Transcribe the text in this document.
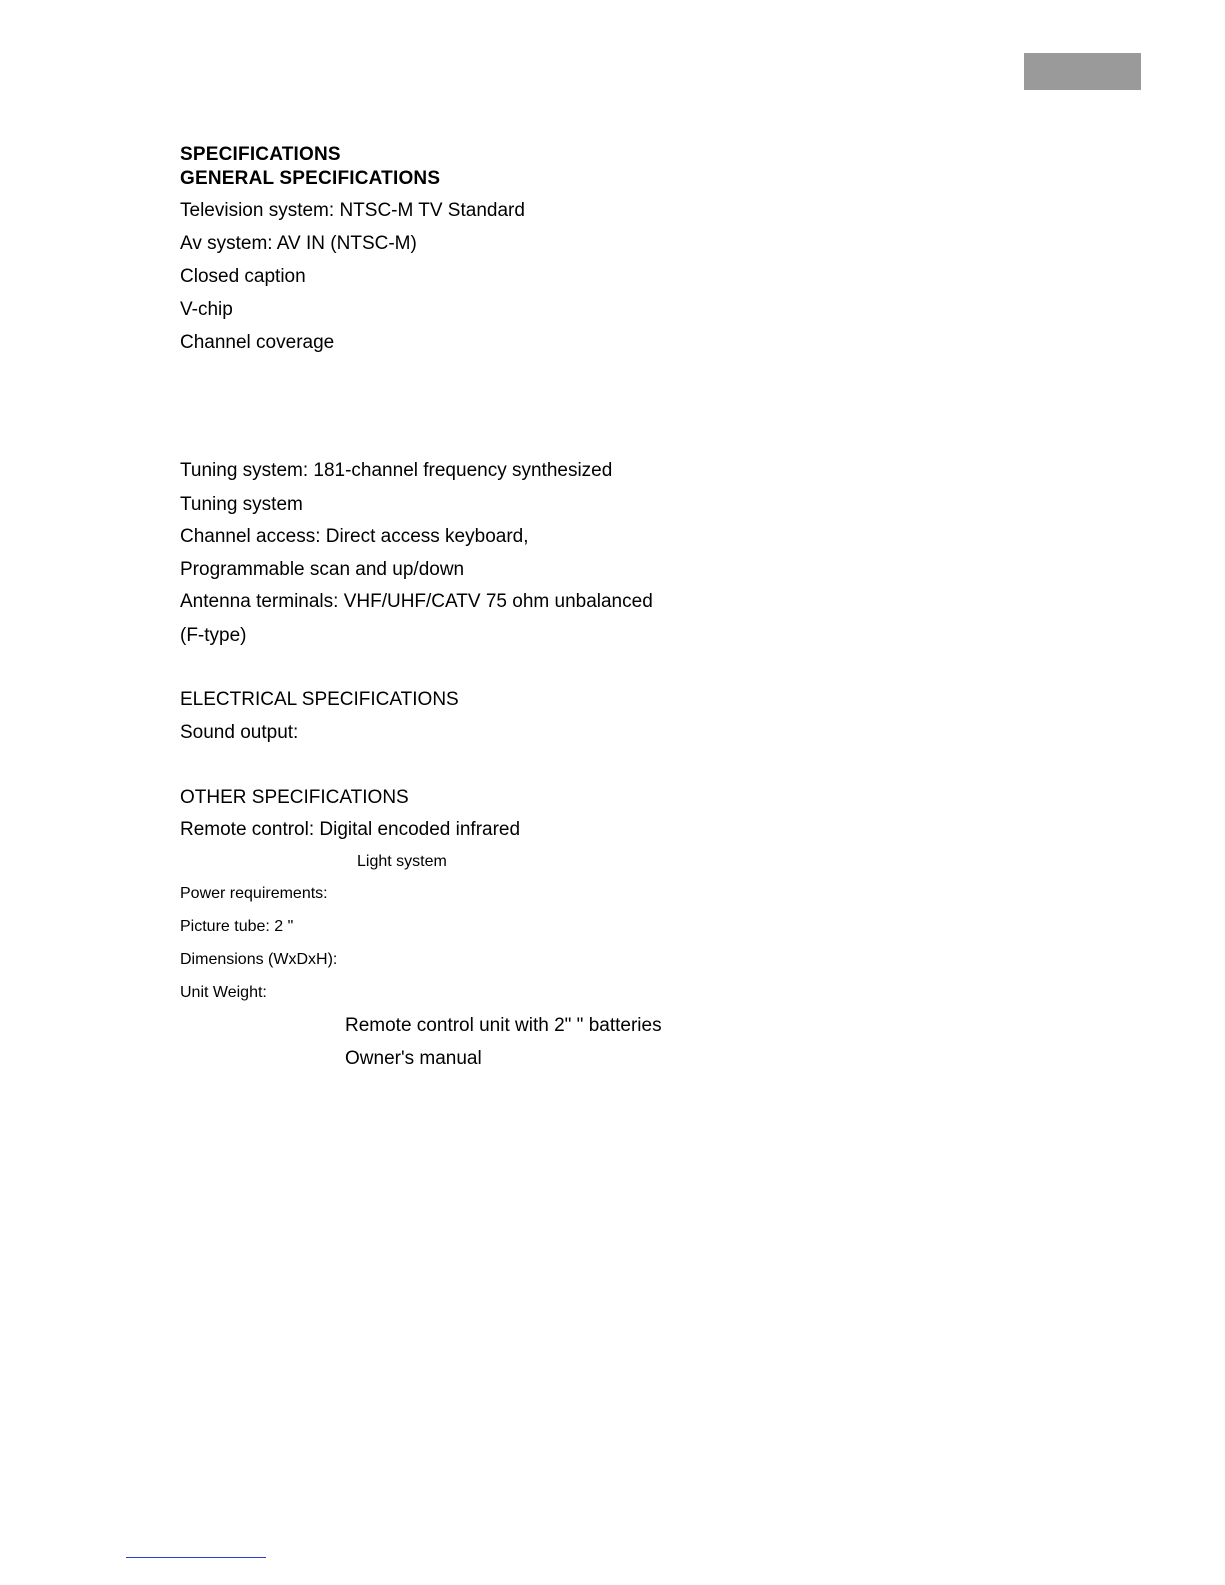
SPECIFICATIONS
GENERAL SPECIFICATIONS
Television system: NTSC-M TV Standard
Av system: AV IN (NTSC-M)
Closed caption
V-chip
Channel coverage
Tuning system: 181-channel frequency synthesized
Tuning system
Channel access: Direct access keyboard,
Programmable scan and up/down
Antenna terminals: VHF/UHF/CATV 75 ohm unbalanced
(F-type)
ELECTRICAL SPECIFICATIONS
Sound output:
OTHER SPECIFICATIONS
Remote control: Digital encoded infrared
Light system
Power requirements:
Picture tube: 2 "
Dimensions (WxDxH):
Unit Weight:
Remote control unit with 2" " batteries
Owner's manual
